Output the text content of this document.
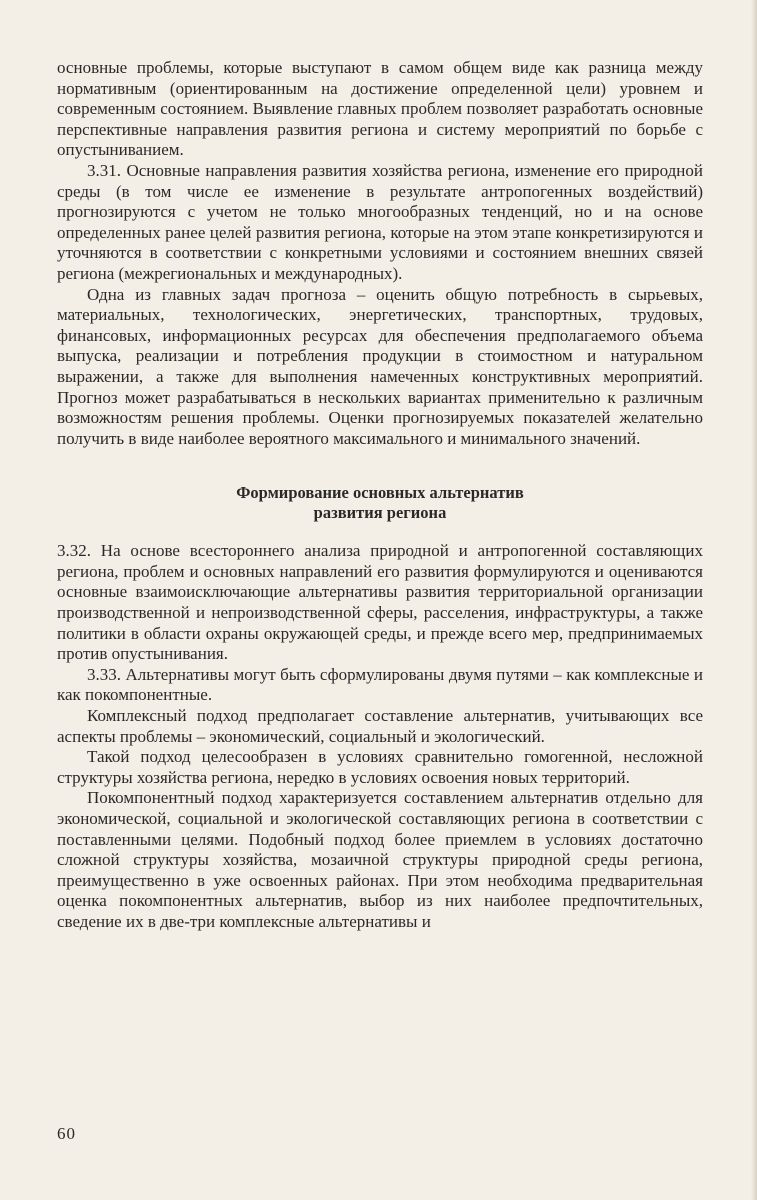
основные проблемы, которые выступают в самом общем виде как разница между нормативным (ориентированным на достижение определенной цели) уровнем и современным состоянием. Выявление главных проблем позволяет разработать основные перспективные направления развития региона и систему мероприятий по борьбе с опустыниванием.

3.31. Основные направления развития хозяйства региона, изменение его природной среды (в том числе ее изменение в результате антропогенных воздействий) прогнозируются с учетом не только многообразных тенденций, но и на основе определенных ранее целей развития региона, которые на этом этапе конкретизируются и уточняются в соответствии с конкретными условиями и состоянием внешних связей региона (межрегиональных и международных).

Одна из главных задач прогноза – оценить общую потребность в сырьевых, материальных, технологических, энергетических, транспортных, трудовых, финансовых, информационных ресурсах для обеспечения предполагаемого объема выпуска, реализации и потребления продукции в стоимостном и натуральном выражении, а также для выполнения намеченных конструктивных мероприятий. Прогноз может разрабатываться в нескольких вариантах применительно к различным возможностям решения проблемы. Оценки прогнозируемых показателей желательно получить в виде наиболее вероятного максимального и минимального значений.

Формирование основных альтернатив
развития региона

3.32. На основе всестороннего анализа природной и антропогенной составляющих региона, проблем и основных направлений его развития формулируются и оцениваются основные взаимоисключающие альтернативы развития территориальной организации производственной и непроизводственной сферы, расселения, инфраструктуры, а также политики в области охраны окружающей среды, и прежде всего мер, предпринимаемых против опустынивания.

3.33. Альтернативы могут быть сформулированы двумя путями – как комплексные и как покомпонентные.

Комплексный подход предполагает составление альтернатив, учитывающих все аспекты проблемы – экономический, социальный и экологический.

Такой подход целесообразен в условиях сравнительно гомогенной, несложной структуры хозяйства региона, нередко в условиях освоения новых территорий.

Покомпонентный подход характеризуется составлением альтернатив отдельно для экономической, социальной и экологической составляющих региона в соответствии с поставленными целями. Подобный подход более приемлем в условиях достаточно сложной структуры хозяйства, мозаичной структуры природной среды региона, преимущественно в уже освоенных районах. При этом необходима предварительная оценка покомпонентных альтернатив, выбор из них наиболее предпочтительных, сведение их в две-три комплексные альтернативы и

60
